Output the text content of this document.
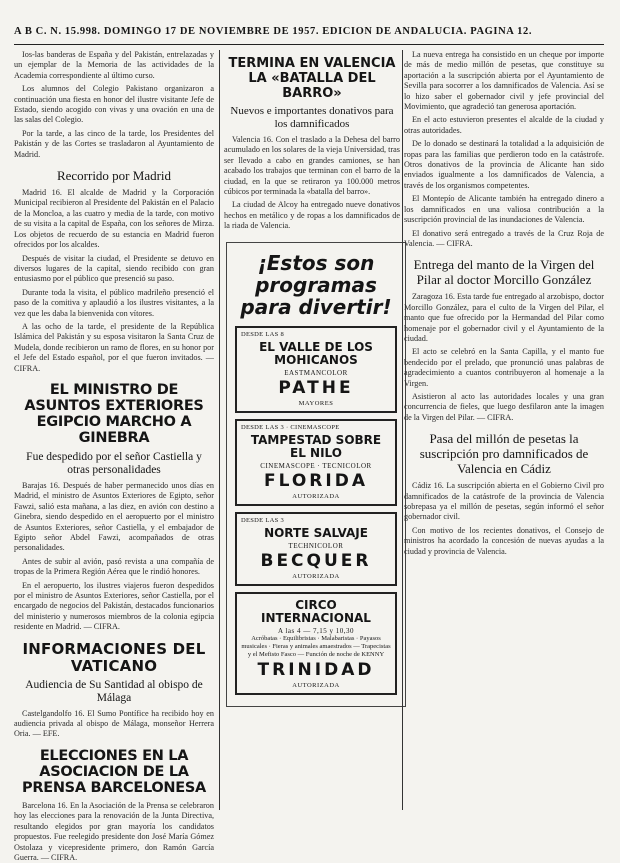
A B C. N. 15.998. DOMINGO 17 DE NOVIEMBRE DE 1957. EDICION DE ANDALUCIA. PAGINA 12.

Ios-las banderas de España y del Pakistán, entrelazadas y un ejemplar de la Memoria de las actividades de la Academia correspondiente al último curso.

Los alumnos del Colegio Pakistano organizaron a continuación una fiesta en honor del ilustre visitante Jefe de Estado, siendo acogido con vivas y una ovación en una de las salas del Colegio.

Por la tarde, a las cinco de la tarde, los Presidentes del Pakistán y de las Cortes se trasladaron al Ayuntamiento de Madrid.

Recorrido por Madrid

Madrid 16. El alcalde de Madrid y la Corporación Municipal recibieron al Presidente del Pakistán en el Palacio de la Moncloa, a las cuatro y media de la tarde, con motivo de su visita a la capital de España, con los señores de Mirza. Los objetos de recuerdo de su estancia en Madrid fueron ofrecidos por los alcaldes.

Después de visitar la ciudad, el Presidente se detuvo en diversos lugares de la capital, siendo recibido con gran entusiasmo por el público que presenció su paso.

Durante toda la visita, el público madrileño presenció el paso de la comitiva y aplaudió a los ilustres visitantes, a la vez que les daba la bienvenida con vítores.

A las ocho de la tarde, el presidente de la República Islámica del Pakistán y su esposa visitaron la Santa Cruz de Mudela, donde recibieron un ramo de flores, en su honor por el Jefe del Estado español, por el que fueron invitados. — CIFRA.

EL MINISTRO DE ASUNTOS EXTERIORES EGIPCIO MARCHO A GINEBRA
Fue despedido por el señor Castiella y otras personalidades

Barajas 16. Después de haber permanecido unos días en Madrid, el ministro de Asuntos Exteriores de Egipto, señor Fawzi, salió esta mañana, a las diez, en avión con destino a Ginebra, siendo despedido en el aeropuerto por el ministro de Asuntos Exteriores, señor Castiella, y el embajador de Egipto señor Abdel Fawzi, acompañados de otras personalidades.

Antes de subir al avión, pasó revista a una compañía de tropas de la Primera Región Aérea que le rindió honores.

En el aeropuerto, los ilustres viajeros fueron despedidos por el ministro de Asuntos Exteriores, señor Castiella, por el encargado de negocios del Pakistán, destacados funcionarios del ministerio y numerosos miembros de la colonia egipcia residente en Madrid. — CIFRA.

INFORMACIONES DEL VATICANO
Audiencia de Su Santidad al obispo de Málaga

Castelgandolfo 16. El Sumo Pontífice ha recibido hoy en audiencia privada al obispo de Málaga, monseñor Herrera Oria. — EFE.

ELECCIONES EN LA ASOCIACION DE LA PRENSA BARCELONESA

Barcelona 16. En la Asociación de la Prensa se celebraron hoy las elecciones para la renovación de la Junta Directiva, resultando elegidos por gran mayoría los candidatos propuestos. Fue reelegido presidente don José María Gómez Ostolaza y vicepresidente primero, don Ramón García Guerra. — CIFRA.

TERMINA EN VALENCIA LA «BATALLA DEL BARRO»
Nuevos e importantes donativos para los damnificados

Valencia 16. Con el traslado a la Dehesa del barro acumulado en los solares de la vieja Universidad, tras ser llevado a cabo en grandes camiones, se han acabado los trabajos que terminan con el barro de la ciudad, en la que se retiraron ya 100.000 metros cúbicos por terminada la «batalla del barro».

La ciudad de Alcoy ha entregado nueve donativos hechos en metálico y de ropas a los damnificados de la riada de Valencia.

¡Estos son programas para divertir!
DESDE LAS 8
EL VALLE DE LOS MOHICANOS
EASTMANCOLOR
PATHE
MAYORES
DESDE LAS 3 · CINEMASCOPE
TAMPESTAD SOBRE EL NILO
CINEMASCOPE · TECNICOLOR
FLORIDA
AUTORIZADA
DESDE LAS 3
NORTE SALVAJE
TECHNICOLOR
BECQUER
AUTORIZADA
CIRCO INTERNACIONAL
A las 4 — 7,15 y 10,30
Acróbatas · Equilibristas · Malabaristas · Payasos musicales · Fieras y animales amaestrados — Trapecistas y el Mefisto Fasco — Función de noche de KENNY
TRINIDAD
AUTORIZADA

La nueva entrega ha consistido en un cheque por importe de más de medio millón de pesetas, que constituye su aportación a la suscripción abierta por el Ayuntamiento de Sevilla para socorrer a los damnificados de Valencia. Así se lo hizo saber el gobernador civil y jefe provincial del Movimiento, que agradeció tan generosa aportación.

En el acto estuvieron presentes el alcalde de la ciudad y otras autoridades.

De lo donado se destinará la totalidad a la adquisición de ropas para las familias que perdieron todo en la catástrofe. Otros donativos de la provincia de Alicante han sido enviados igualmente a los damnificados de Valencia, a través de los organismos competentes.

El Montepío de Alicante también ha entregado dinero a los damnificados en una valiosa contribución a la suscripción provincial de las inundaciones de Valencia.

El donativo será entregado a través de la Cruz Roja de Valencia. — CIFRA.

Entrega del manto de la Virgen del Pilar al doctor Morcillo González

Zaragoza 16. Esta tarde fue entregado al arzobispo, doctor Morcillo González, para el culto de la Virgen del Pilar, el manto que fue ofrecido por la Hermandad del Pilar como homenaje por el gobernador civil y el Ayuntamiento de la ciudad.

El acto se celebró en la Santa Capilla, y el manto fue bendecido por el prelado, que pronunció unas palabras de agradecimiento a cuantos contribuyeron al homenaje a la Virgen.

Asistieron al acto las autoridades locales y una gran concurrencia de fieles, que luego desfilaron ante la imagen de la Virgen del Pilar. — CIFRA.

Pasa del millón de pesetas la suscripción pro damnificados de Valencia en Cádiz

Cádiz 16. La suscripción abierta en el Gobierno Civil pro damnificados de la catástrofe de la provincia de Valencia sobrepasa ya el millón de pesetas, según informó el señor gobernador civil.

Con motivo de los recientes donativos, el Consejo de ministros ha acordado la concesión de nuevas ayudas a la ciudad y provincia de Valencia.
